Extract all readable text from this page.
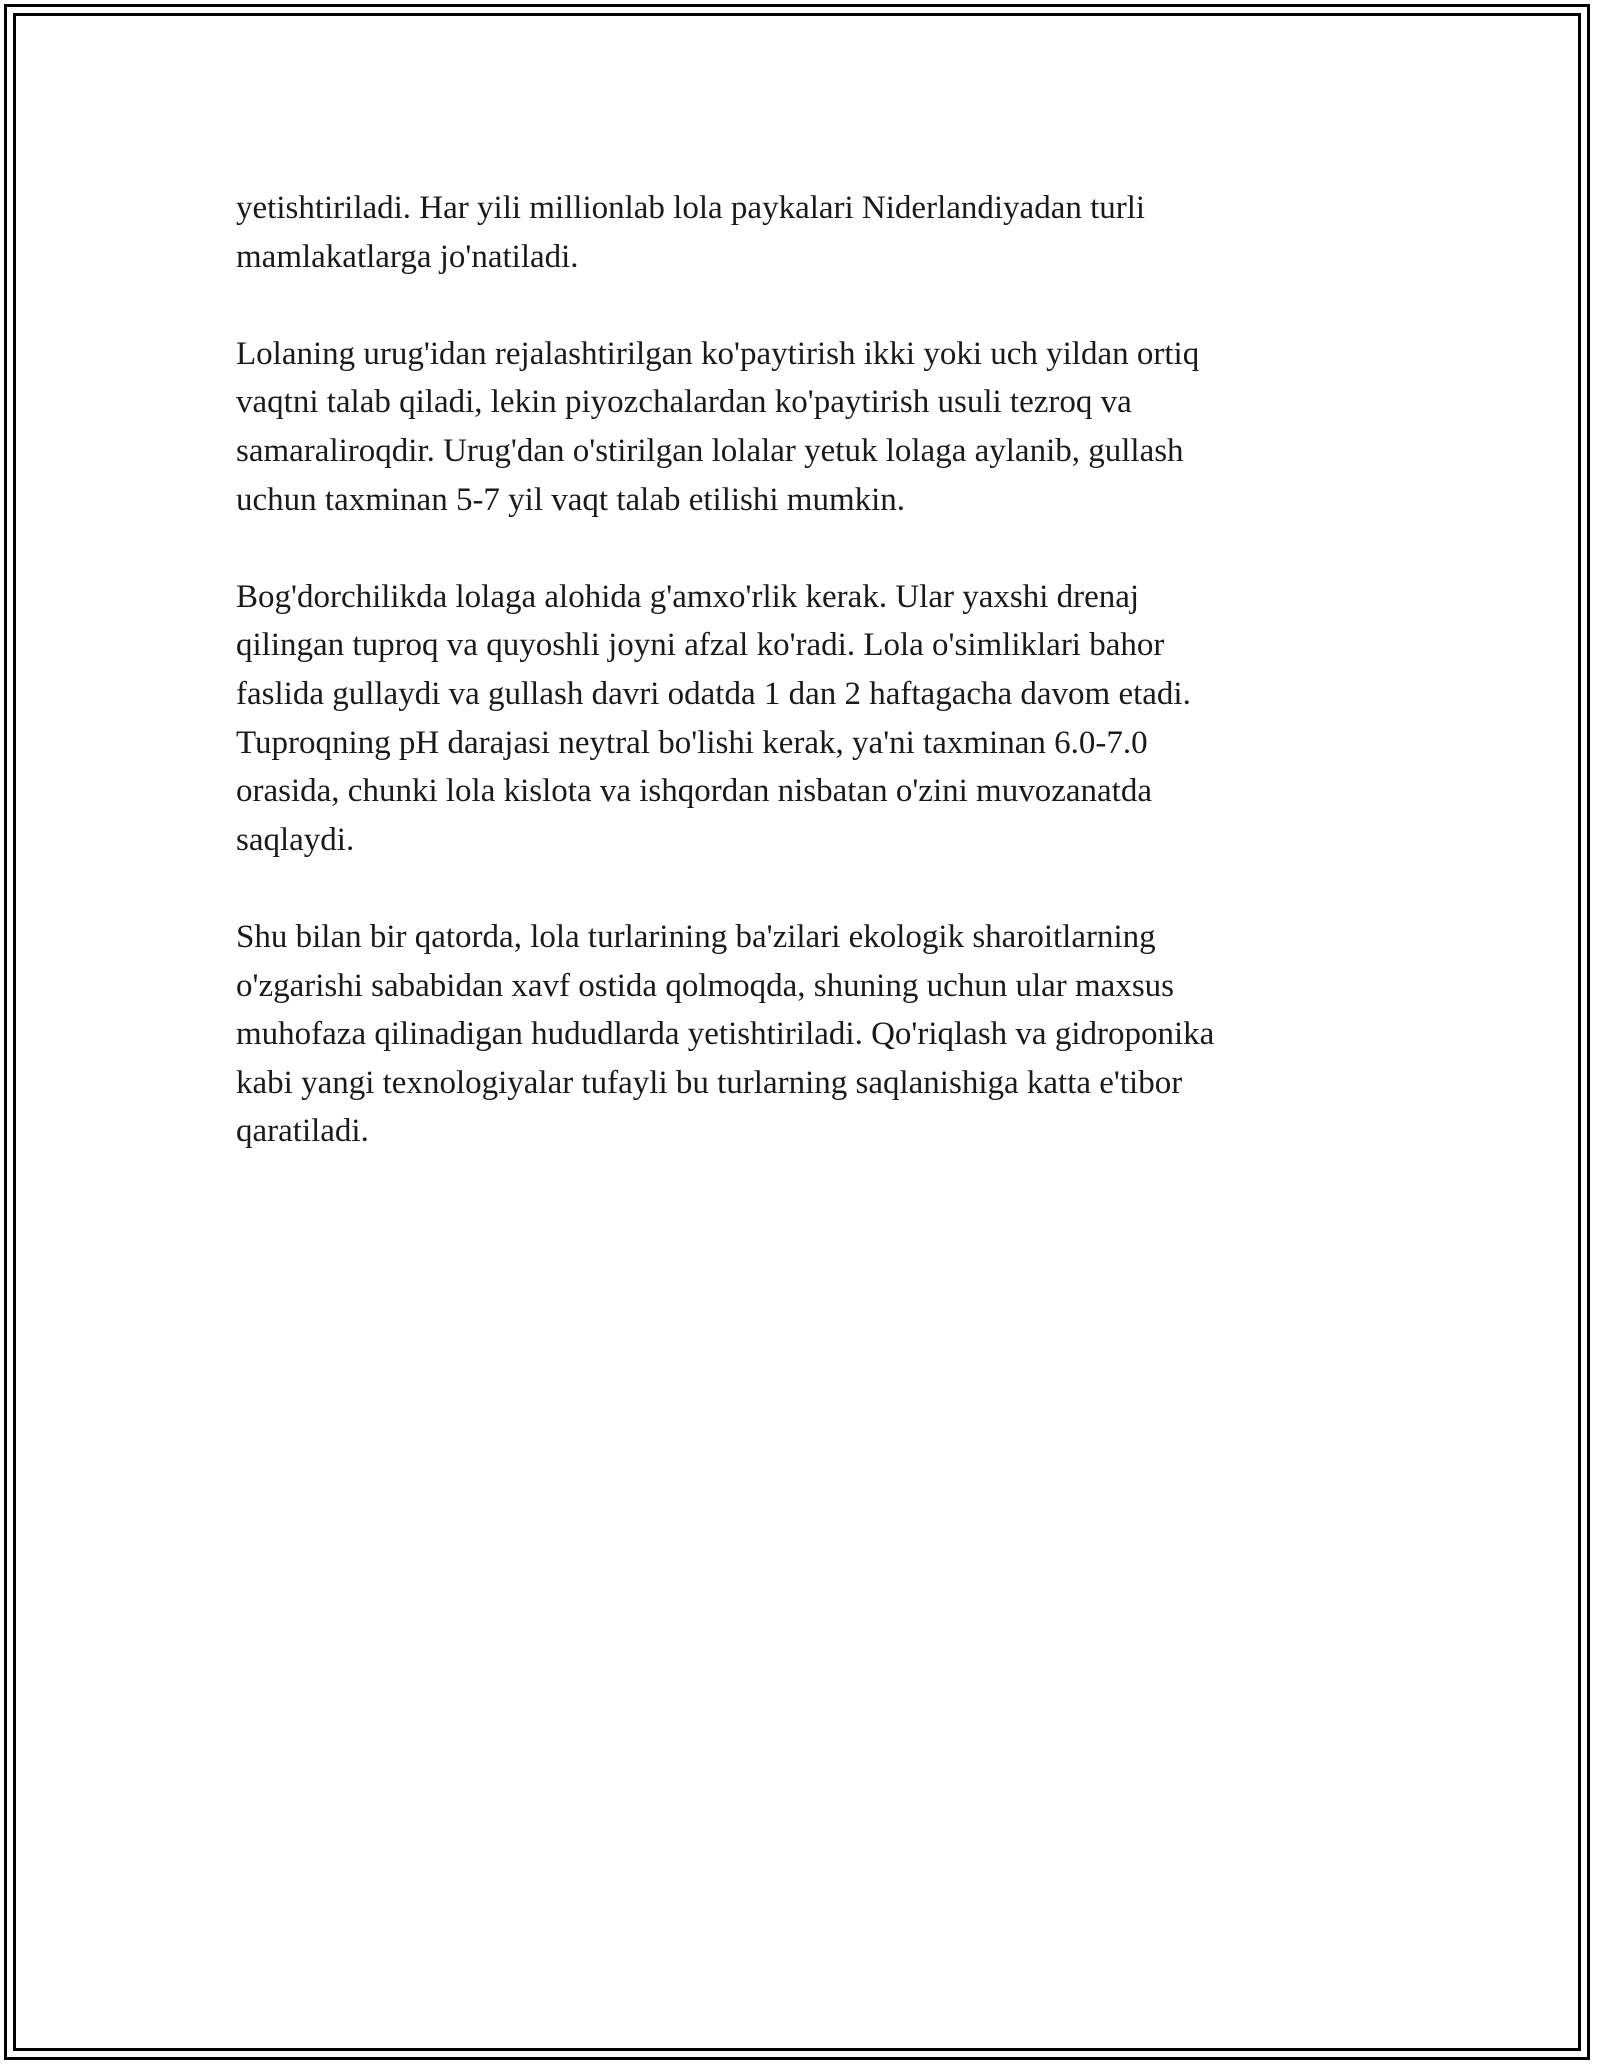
yetishtiriladi. Har yili millionlab lola paykalari Niderlandiyadan turli
mamlakatlarga jo'natiladi.

Lolaning urug'idan rejalashtirilgan ko'paytirish ikki yoki uch yildan ortiq
vaqtni talab qiladi, lekin piyozchalardan ko'paytirish usuli tezroq va
samaraliroqdir. Urug'dan o'stirilgan lolalar yetuk lolaga aylanib, gullash
uchun taxminan 5-7 yil vaqt talab etilishi mumkin.

Bog'dorchilikda lolaga alohida g'amxo'rlik kerak. Ular yaxshi drenaj
qilingan tuproq va quyoshli joyni afzal ko'radi. Lola o'simliklari bahor
faslida gullaydi va gullash davri odatda 1 dan 2 haftagacha davom etadi.
Tuproqning pH darajasi neytral bo'lishi kerak, ya'ni taxminan 6.0-7.0
orasida, chunki lola kislota va ishqordan nisbatan o'zini muvozanatda
saqlaydi.

Shu bilan bir qatorda, lola turlarining ba'zilari ekologik sharoitlarning
o'zgarishi sababidan xavf ostida qolmoqda, shuning uchun ular maxsus
muhofaza qilinadigan hududlarda yetishtiriladi. Qo'riqlash va gidroponika
kabi yangi texnologiyalar tufayli bu turlarning saqlanishiga katta e'tibor
qaratiladi.
